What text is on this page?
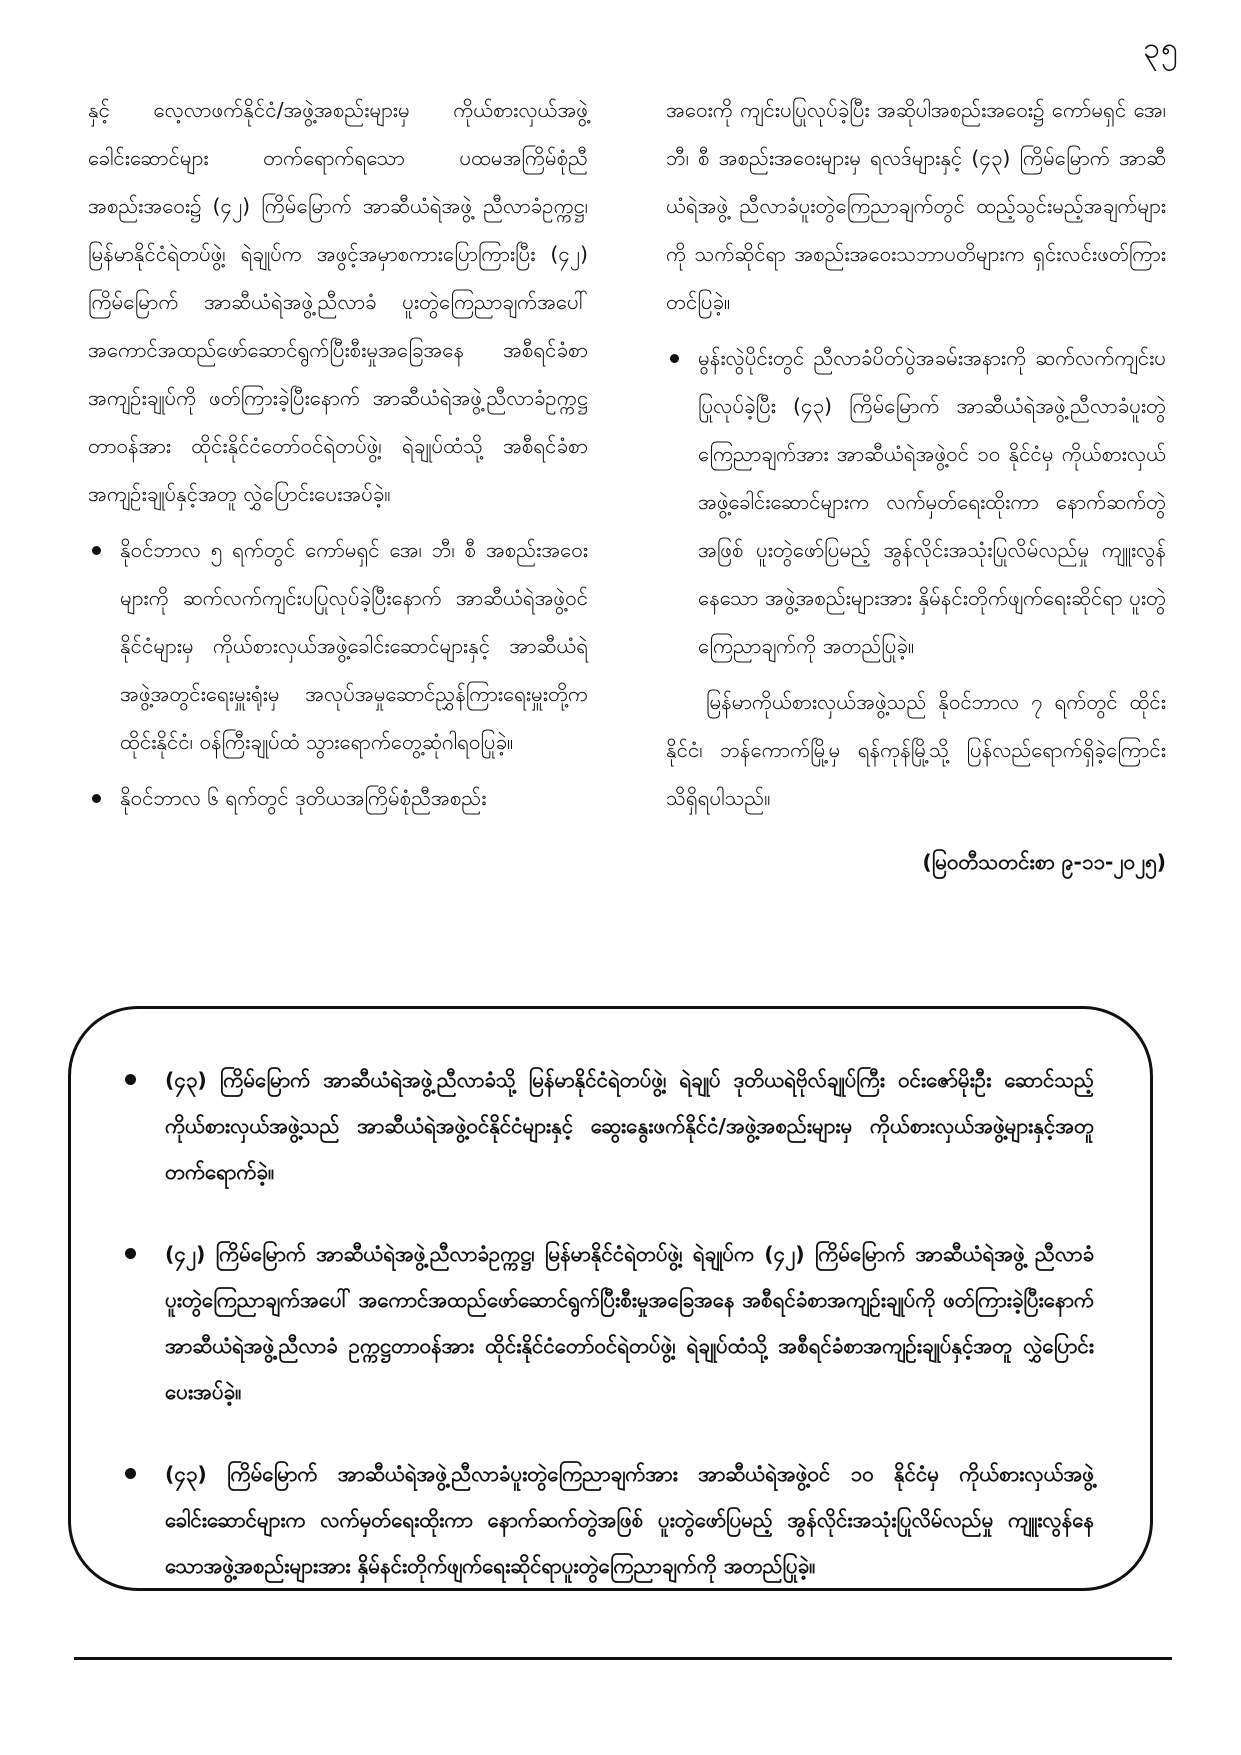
၃၅

နှင့် လေ့လာဖက်နိုင်ငံ/အဖွဲ့အစည်းများမှ ကိုယ်စားလှယ်အဖွဲ့ခေါင်းဆောင်များ တက်ရောက်ရသော ပထမအကြိမ်စုံညီအစည်းအဝေး၌ (၄၂) ကြိမ်မြောက် အာဆီယံရဲအဖွဲ့ ညီလာခံဥက္ကဋ္ဌ၊ မြန်မာနိုင်ငံရဲတပ်ဖွဲ့၊ ရဲချုပ်က အဖွင့်အမှာစကားပြောကြားပြီး (၄၂) ကြိမ်မြောက် အာဆီယံရဲအဖွဲ့ညီလာခံ ပူးတွဲကြေညာချက်အပေါ် အကောင်အထည်ဖော်ဆောင်ရွက်ပြီးစီးမှုအခြေအနေ အစီရင်ခံစာအကျဉ်းချုပ်ကို ဖတ်ကြားခဲ့ပြီးနောက် အာဆီယံရဲအဖွဲ့ညီလာခံဥက္ကဋ္ဌတာဝန်အား ထိုင်းနိုင်ငံတော်ဝင်ရဲတပ်ဖွဲ့၊ ရဲချုပ်ထံသို့ အစီရင်ခံစာအကျဉ်းချုပ်နှင့်အတူ လွှဲပြောင်းပေးအပ်ခဲ့။

နိုဝင်ဘာလ ၅ ရက်တွင် ကော်မရှင် အေ၊ ဘီ၊ စီ အစည်းအဝေးများကို ဆက်လက်ကျင်းပပြုလုပ်ခဲ့ပြီးနောက် အာဆီယံရဲအဖွဲ့ဝင်နိုင်ငံများမှ ကိုယ်စားလှယ်အဖွဲ့ခေါင်းဆောင်များနှင့် အာဆီယံရဲအဖွဲ့အတွင်းရေးမှူးရုံးမှ အလုပ်အမှုဆောင်ညွှန်ကြားရေးမှူးတို့က ထိုင်းနိုင်ငံ၊ ဝန်ကြီးချုပ်ထံ သွားရောက်တွေ့ဆုံဂါရဝပြုခဲ့။
နိုဝင်ဘာလ ၆ ရက်တွင် ဒုတိယအကြိမ်စုံညီအစည်း

အဝေးကို ကျင်းပပြုလုပ်ခဲ့ပြီး အဆိုပါအစည်းအဝေး၌ ကော်မရှင် အေ၊ ဘီ၊ စီ အစည်းအဝေးများမှ ရလဒ်များနှင့် (၄၃) ကြိမ်မြောက် အာဆီယံရဲအဖွဲ့ ညီလာခံပူးတွဲကြေညာချက်တွင် ထည့်သွင်းမည့်အချက်များကို သက်ဆိုင်ရာ အစည်းအဝေးသဘာပတိများက ရှင်းလင်းဖတ်ကြားတင်ပြခဲ့။

မွန်းလွဲပိုင်းတွင် ညီလာခံပိတ်ပွဲအခမ်းအနားကို ဆက်လက်ကျင်းပပြုလုပ်ခဲ့ပြီး (၄၃) ကြိမ်မြောက် အာဆီယံရဲအဖွဲ့ညီလာခံပူးတွဲကြေညာချက်အား အာဆီယံရဲအဖွဲ့ဝင် ၁၀ နိုင်ငံမှ ကိုယ်စားလှယ်အဖွဲ့ခေါင်းဆောင်များက လက်မှတ်ရေးထိုးကာ နောက်ဆက်တွဲအဖြစ် ပူးတွဲဖော်ပြမည့် အွန်လိုင်းအသုံးပြုလိမ်လည်မှု ကျူးလွန်နေသော အဖွဲ့အစည်းများအား နှိမ်နင်းတိုက်ဖျက်ရေးဆိုင်ရာ ပူးတွဲကြေညာချက်ကို အတည်ပြုခဲ့။

မြန်မာကိုယ်စားလှယ်အဖွဲ့သည် နိုဝင်ဘာလ ၇ ရက်တွင် ထိုင်းနိုင်ငံ၊ ဘန်ကောက်မြို့မှ ရန်ကုန်မြို့သို့ ပြန်လည်ရောက်ရှိခဲ့ကြောင်း သိရှိရပါသည်။

(မြဝတီသတင်းစာ ၉-၁၁-၂၀၂၅)

(၄၃) ကြိမ်မြောက် အာဆီယံရဲအဖွဲ့ညီလာခံသို့ မြန်မာနိုင်ငံရဲတပ်ဖွဲ့၊ ရဲချုပ် ဒုတိယရဲဗိုလ်ချုပ်ကြီး ဝင်းဇော်မိုးဦး ဆောင်သည့် ကိုယ်စားလှယ်အဖွဲ့သည် အာဆီယံရဲအဖွဲ့ဝင်နိုင်ငံများနှင့် ဆွေးနွေးဖက်နိုင်ငံ/အဖွဲ့အစည်းများမှ ကိုယ်စားလှယ်အဖွဲ့များနှင့်အတူ တက်ရောက်ခဲ့။
(၄၂) ကြိမ်မြောက် အာဆီယံရဲအဖွဲ့ညီလာခံဥက္ကဋ္ဌ၊ မြန်မာနိုင်ငံရဲတပ်ဖွဲ့၊ ရဲချုပ်က (၄၂) ကြိမ်မြောက် အာဆီယံရဲအဖွဲ့ ညီလာခံပူးတွဲကြေညာချက်အပေါ် အကောင်အထည်ဖော်ဆောင်ရွက်ပြီးစီးမှုအခြေအနေ အစီရင်ခံစာအကျဉ်းချုပ်ကို ဖတ်ကြားခဲ့ပြီးနောက် အာဆီယံရဲအဖွဲ့ညီလာခံ ဥက္ကဋ္ဌတာဝန်အား ထိုင်းနိုင်ငံတော်ဝင်ရဲတပ်ဖွဲ့၊ ရဲချုပ်ထံသို့ အစီရင်ခံစာအကျဉ်းချုပ်နှင့်အတူ လွှဲပြောင်းပေးအပ်ခဲ့။
(၄၃) ကြိမ်မြောက် အာဆီယံရဲအဖွဲ့ညီလာခံပူးတွဲကြေညာချက်အား အာဆီယံရဲအဖွဲ့ဝင် ၁၀ နိုင်ငံမှ ကိုယ်စားလှယ်အဖွဲ့ခေါင်းဆောင်များက လက်မှတ်ရေးထိုးကာ နောက်ဆက်တွဲအဖြစ် ပူးတွဲဖော်ပြမည့် အွန်လိုင်းအသုံးပြုလိမ်လည်မှု ကျူးလွန်နေသောအဖွဲ့အစည်းများအား နှိမ်နင်းတိုက်ဖျက်ရေးဆိုင်ရာပူးတွဲကြေညာချက်ကို အတည်ပြုခဲ့။
